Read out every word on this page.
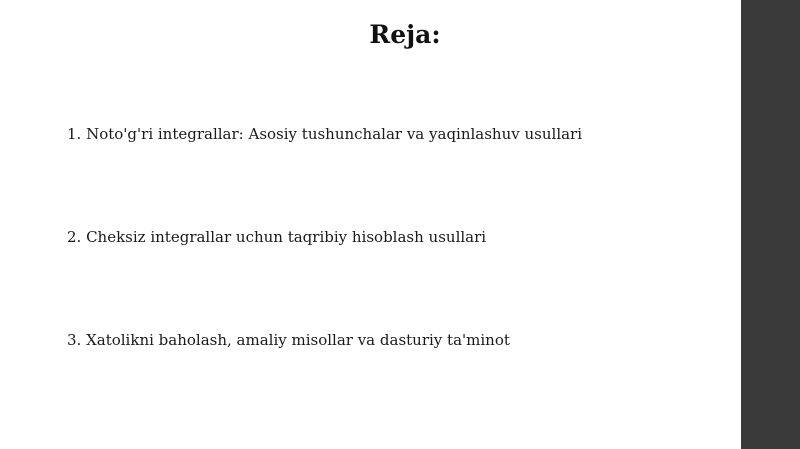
Reja:
1. Noto'g'ri integrallar: Asosiy tushunchalar va yaqinlashuv usullari
2. Cheksiz integrallar uchun taqribiy hisoblash usullari
3. Xatolikni baholash, amaliy misollar va dasturiy ta'minot
